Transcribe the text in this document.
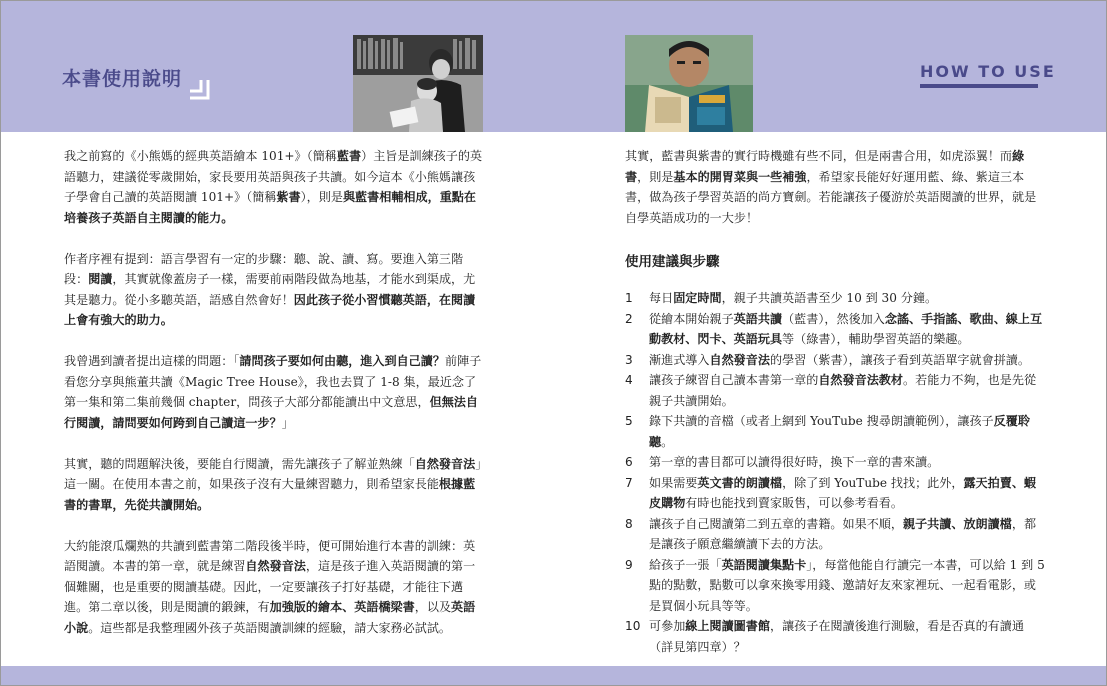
本書使用說明	HOW TO USE

我之前寫的《小熊媽的經典英語繪本 101+》（簡稱藍書）主旨是訓練孩子的英語聽力，建議從零歲開始，家長要用英語與孩子共讀。如今這本《小熊媽讓孩子學會自己讀的英語閱讀 101+》（簡稱紫書），則是與藍書相輔相成，重點在培養孩子英語自主閱讀的能力。

作者序裡有提到：語言學習有一定的步驟：聽、說、讀、寫。要進入第三階段：閱讀，其實就像蓋房子一樣，需要前兩階段做為地基，才能水到渠成，尤其是聽力。從小多聽英語，語感自然會好！因此孩子從小習慣聽英語，在閱讀上會有強大的助力。

我曾遇到讀者提出這樣的問題：「請問孩子要如何由聽，進入到自己讀？前陣子看您分享與熊董共讀《Magic Tree House》，我也去買了 1-8 集，最近念了第一集和第二集前幾個 chapter，問孩子大部分都能讀出中文意思，但無法自行閱讀，請問要如何跨到自己讀這一步？」

其實，聽的問題解決後，要能自行閱讀，需先讓孩子了解並熟練「自然發音法」這一關。在使用本書之前，如果孩子沒有大量練習聽力，則希望家長能根據藍書的書單，先從共讀開始。

大約能滾瓜爛熟的共讀到藍書第二階段後半時，便可開始進行本書的訓練：英語閱讀。本書的第一章，就是練習自然發音法，這是孩子進入英語閱讀的第一個難關，也是重要的閱讀基礎。因此，一定要讓孩子打好基礎，才能往下邁進。第二章以後，則是閱讀的鍛鍊，有加強版的繪本、英語橋梁書，以及英語小說。這些都是我整理國外孩子英語閱讀訓練的經驗，請大家務必試試。

其實，藍書與紫書的實行時機雖有些不同，但是兩書合用，如虎添翼！而綠書，則是基本的開胃菜與一些補強，希望家長能好好運用藍、綠、紫這三本書，做為孩子學習英語的尚方寶劍。若能讓孩子優游於英語閱讀的世界，就是自學英語成功的一大步！

使用建議與步驟
1 每日固定時間，親子共讀英語書至少 10 到 30 分鐘。
2 從繪本開始親子英語共讀（藍書），然後加入念謠、手指謠、歌曲、線上互動教材、閃卡、英語玩具等（綠書），輔助學習英語的樂趣。
3 漸進式導入自然發音法的學習（紫書），讓孩子看到英語單字就會拼讀。
4 讓孩子練習自己讀本書第一章的自然發音法教材。若能力不夠，也是先從親子共讀開始。
5 錄下共讀的音檔（或者上網到 YouTube 搜尋朗讀範例），讓孩子反覆聆聽。
6 第一章的書目都可以讀得很好時，換下一章的書來讀。
7 如果需要英文書的朗讀檔，除了到 YouTube 找找；此外，露天拍賣、蝦皮購物有時也能找到賣家販售，可以參考看看。
8 讓孩子自己閱讀第二到五章的書籍。如果不順，親子共讀、放朗讀檔，都是讓孩子願意繼續讀下去的方法。
9 給孩子一張「英語閱讀集點卡」，每當他能自行讀完一本書，可以給 1 到 5 點的點數，點數可以拿來換零用錢、邀請好友來家裡玩、一起看電影，或是買個小玩具等等。
10 可參加線上閱讀圖書館，讓孩子在閱讀後進行測驗，看是否真的有讀通（詳見第四章）？
